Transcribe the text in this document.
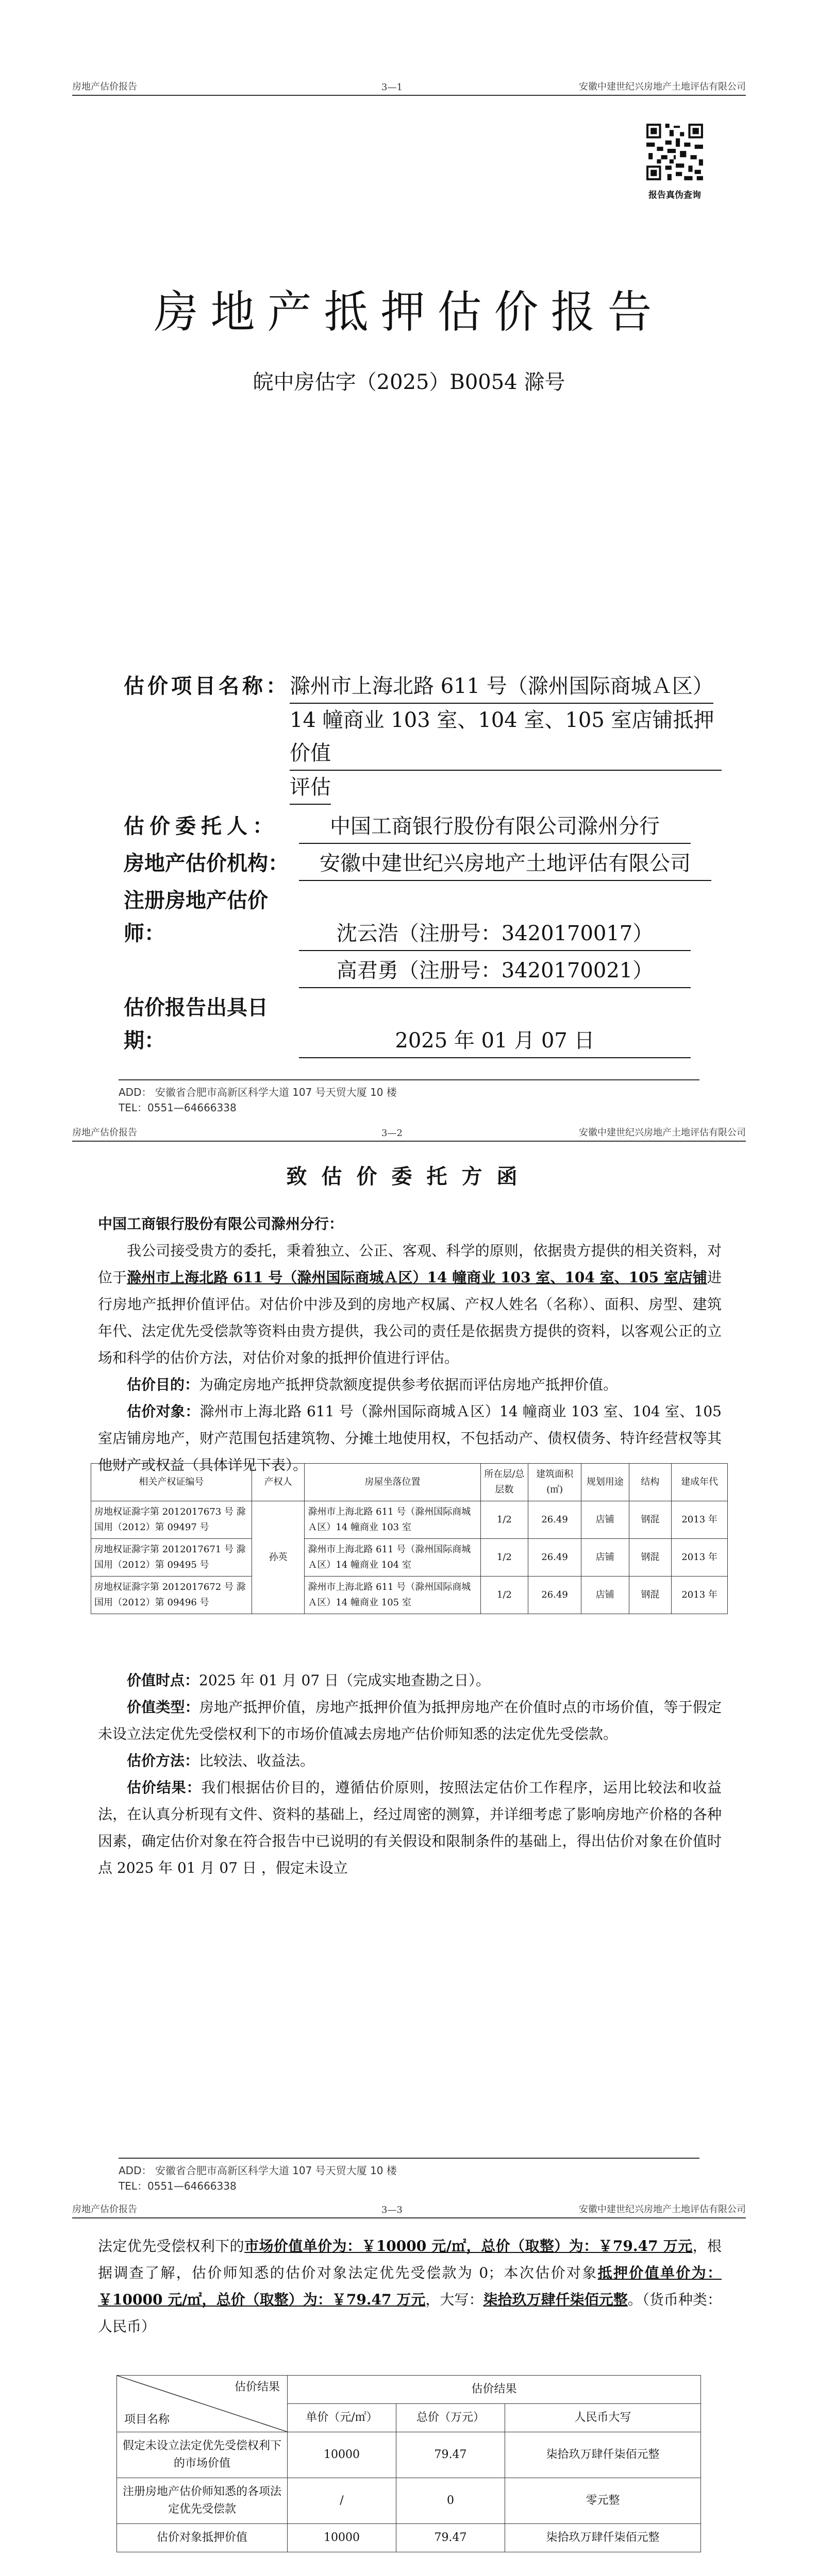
房地产估价报告	3—1	安徽中建世纪兴房地产土地评估有限公司
报告真伪查询
房地产抵押估价报告
皖中房估字（2025）B0054 滁号
估价项目名称： 滁州市上海北路 611 号（滁州国际商城Ａ区）
14 幢商业 103 室、104 室、105 室店铺抵押价值
评估
估价委托人：	中国工商银行股份有限公司滁州分行
房地产估价机构： 安徽中建世纪兴房地产土地评估有限公司
注册房地产估价师：	沈云浩（注册号：3420170017）
高君勇（注册号：3420170021）
估价报告出具日期：	2025 年 01 月 07 日
ADD： 安徽省合肥市高新区科学大道 107 号天贸大厦 10 楼
TEL：0551—64666338
房地产估价报告	3—2	安徽中建世纪兴房地产土地评估有限公司
致估价委托方函
中国工商银行股份有限公司滁州分行：
我公司接受贵方的委托，秉着独立、公正、客观、科学的原则，依据贵方提供的相关资料，对位于滁州市上海北路 611 号（滁州国际商城Ａ区）14 幢商业 103 室、104 室、105 室店铺进行房地产抵押价值评估。对估价中涉及到的房地产权属、产权人姓名（名称）、面积、房型、建筑年代、法定优先受偿款等资料由贵方提供，我公司的责任是依据贵方提供的资料，以客观公正的立场和科学的估价方法，对估价对象的抵押价值进行评估。
估价目的：为确定房地产抵押贷款额度提供参考依据而评估房地产抵押价值。
估价对象：滁州市上海北路 611 号（滁州国际商城Ａ区）14 幢商业 103 室、104 室、105 室店铺房地产，财产范围包括建筑物、分摊土地使用权，不包括动产、债权债务、特许经营权等其他财产或权益（具体详见下表）。
相关产权证编号	产权人	房屋坐落位置	所在层/总层数	建筑面积(㎡)	规划用途	结构	建成年代
房地权证滁字第 2012017673 号 滁国用（2012）第 09497 号	孙英	滁州市上海北路 611 号（滁州国际商城Ａ区）14 幢商业 103 室	1/2	26.49	店铺	钢混	2013 年
房地权证滁字第 2012017671 号 滁国用（2012）第 09495 号		滁州市上海北路 611 号（滁州国际商城Ａ区）14 幢商业 104 室	1/2	26.49	店铺	钢混	2013 年
房地权证滁字第 2012017672 号 滁国用（2012）第 09496 号		滁州市上海北路 611 号（滁州国际商城Ａ区）14 幢商业 105 室	1/2	26.49	店铺	钢混	2013 年
价值时点：2025 年 01 月 07 日（完成实地查勘之日）。
价值类型：房地产抵押价值，房地产抵押价值为抵押房地产在价值时点的市场价值，等于假定未设立法定优先受偿权利下的市场价值减去房地产估价师知悉的法定优先受偿款。
估价方法：比较法、收益法。
估价结果：我们根据估价目的，遵循估价原则，按照法定估价工作程序，运用比较法和收益法，在认真分析现有文件、资料的基础上，经过周密的测算，并详细考虑了影响房地产价格的各种因素，确定估价对象在符合报告中已说明的有关假设和限制条件的基础上，得出估价对象在价值时点 2025 年 01 月 07 日 ，假定未设立
ADD： 安徽省合肥市高新区科学大道 107 号天贸大厦 10 楼
TEL：0551—64666338
房地产估价报告	3—3	安徽中建世纪兴房地产土地评估有限公司
法定优先受偿权利下的市场价值单价为：￥10000 元/㎡，总价（取整）为：￥79.47 万元，根据调查了解，估价师知悉的估价对象法定优先受偿款为 0；本次估价对象抵押价值单价为：￥10000 元/㎡，总价（取整）为：￥79.47 万元，大写：柒拾玖万肆仟柒佰元整。（货币种类：人民币）
估价结果
项目名称	估价结果		
	单价（元/㎡）	总价（万元）	人民币大写
假定未设立法定优先受偿权利下的市场价值	10000	79.47	柒拾玖万肆仟柒佰元整
注册房地产估价师知悉的各项法定优先受偿款	/	0	零元整
估价对象抵押价值	10000	79.47	柒拾玖万肆仟柒佰元整
